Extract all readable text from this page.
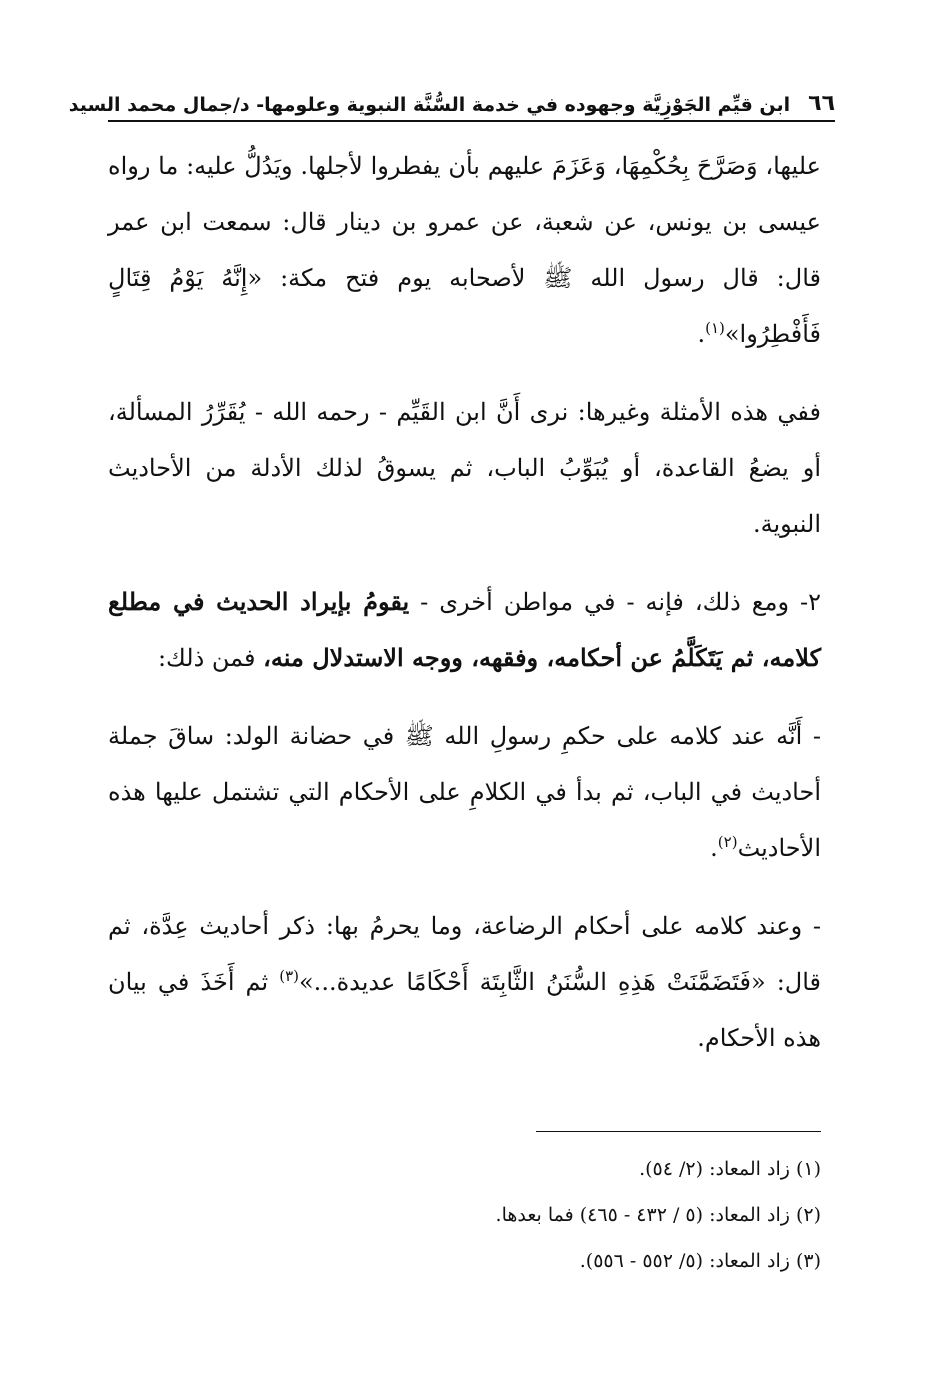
٦٦
ابن قيِّم الجَوْزِيَّة وجهوده في خدمة السُّنَّة النبوية وعلومها- د/جمال محمد السيد

عليها، وَصَرَّحَ بِحُكْمِهَا، وَعَزَمَ عليهم بأن يفطروا لأجلها. ويَدُلُّ عليه: ما رواه عيسى بن يونس، عن شعبة، عن عمرو بن دينار قال: سمعت ابن عمر قال: قال رسول الله ﷺ لأصحابه يوم فتح مكة: «إِنَّهُ يَوْمُ قِتَالٍ فَأَفْطِرُوا»$^{(١)}$.

ففي هذه الأمثلة وغيرها: نرى أَنَّ ابن القَيِّم - رحمه الله - يُقَرِّرُ المسألة، أو يضعُ القاعدة، أو يُبَوِّبُ الباب، ثم يسوقُ لذلك الأدلة من الأحاديث النبوية.

٢- ومع ذلك، فإنه - في مواطن أخرى - يقومُ بإيراد الحديث في مطلع كلامه، ثم يَتَكَلَّمُ عن أحكامه، وفقهه، ووجه الاستدلال منه، فمن ذلك:

- أَنَّه عند كلامه على حكمِ رسولِ الله ﷺ في حضانة الولد: ساقَ جملة أحاديث في الباب، ثم بدأ في الكلامِ على الأحكام التي تشتمل عليها هذه الأحاديث$^{(٢)}$.

- وعند كلامه على أحكام الرضاعة، وما يحرمُ بها: ذكر أحاديث عِدَّة، ثم قال: «فَتَضَمَّنَتْ هَذِهِ السُّنَنُ الثَّابِتَة أَحْكَامًا عديدة...»$^{(٣)}$ ثم أَخَذَ في بيان هذه الأحكام.

(١) زاد المعاد: (٢/ ٥٤).

(٢) زاد المعاد: (٥ / ٤٣٢ - ٤٦٥) فما بعدها.

(٣) زاد المعاد: (٥/ ٥٥٢ - ٥٥٦).
